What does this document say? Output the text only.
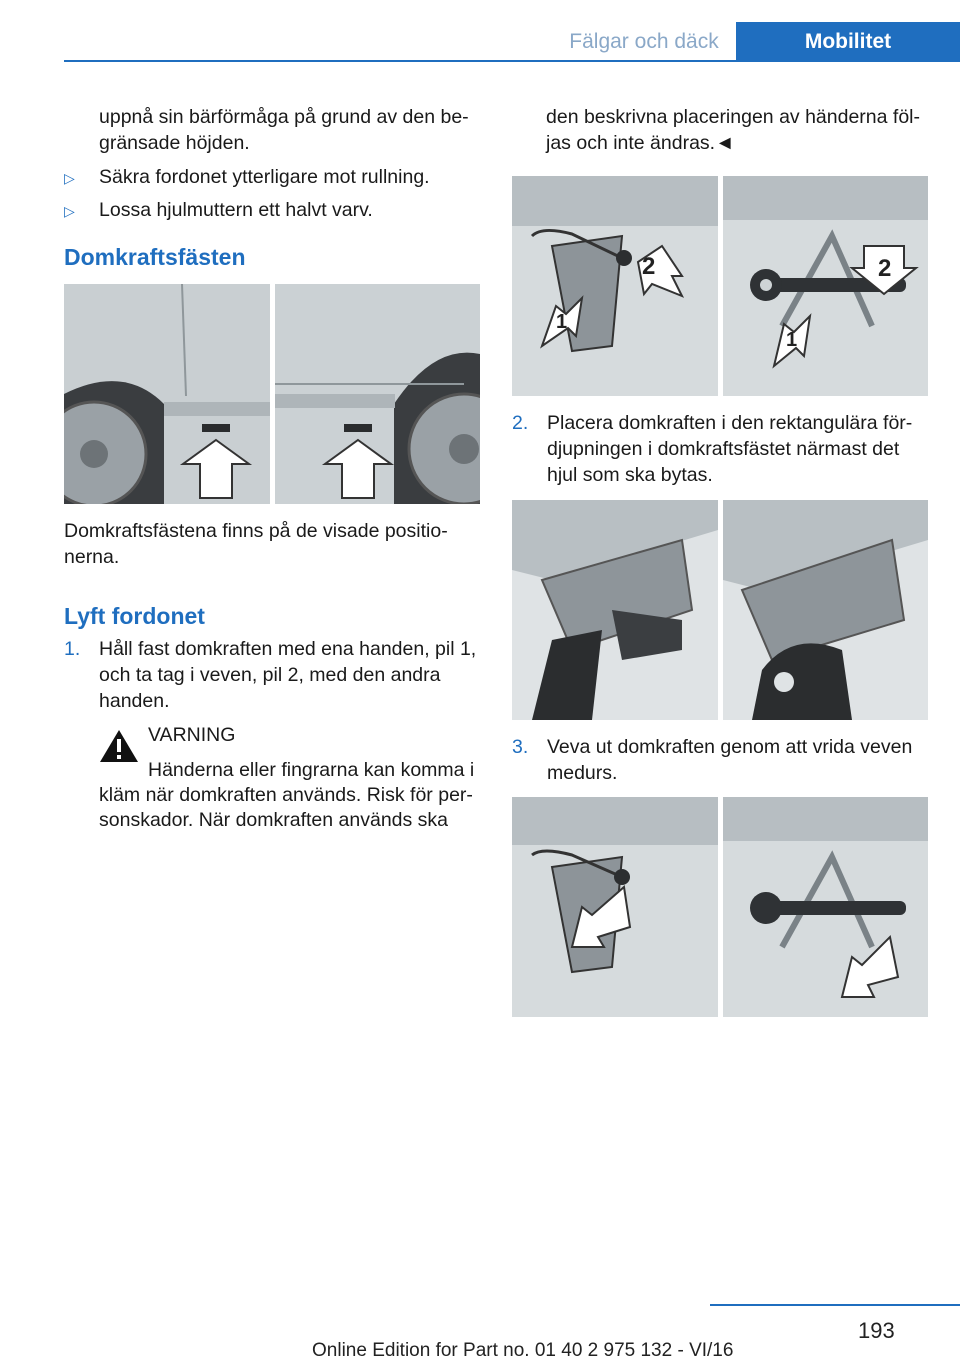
Fälgar och däck	Mobilitet
uppnå sin bärförmåga på grund av den be-
gränsade höjden.
▷	Säkra fordonet ytterligare mot rullning.
▷	Lossa hjulmuttern ett halvt varv.
Domkraftsfästen
Domkraftsfästena finns på de visade positio-
nerna.
Lyft fordonet
1. Håll fast domkraften med ena handen, pil 1,
och ta tag i veven, pil 2, med den andra
handen.
VARNING
Händerna eller fingrarna kan komma i
kläm när domkraften används. Risk för per-
sonskador. När domkraften används ska
den beskrivna placeringen av händerna föl-
jas och inte ändras.◄
2
1
2
1
2. Placera domkraften i den rektangulära för-
djupningen i domkraftsfästet närmast det
hjul som ska bytas.
3. Veva ut domkraften genom att vrida veven
medurs.
193
Online Edition for Part no. 01 40 2 975 132 - VI/16
